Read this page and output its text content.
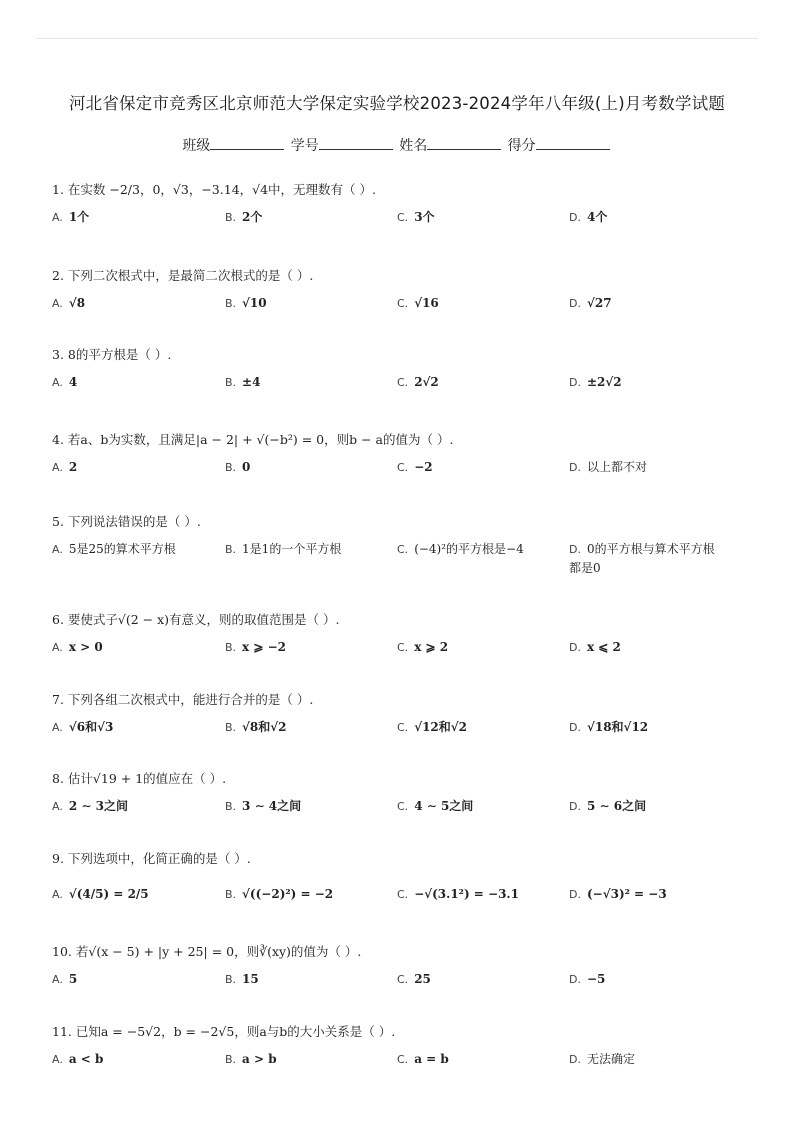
河北省保定市竞秀区北京师范大学保定实验学校2023-2024学年八年级(上)月考数学试题
班级	学号	姓名	得分
1. 在实数 −2/3，0，√3，−3.14，√4中，无理数有（ ）.
A. 1个	B. 2个	C. 3个	D. 4个
2. 下列二次根式中，是最简二次根式的是（ ）.
A. √8	B. √10	C. √16	D. √27
3. 8的平方根是（ ）.
A. 4	B. ±4	C. 2√2	D. ±2√2
4. 若a、b为实数，且满足|a − 2| + √(−b²) = 0，则b − a的值为（ ）.
A. 2	B. 0	C. −2	D. 以上都不对
5. 下列说法错误的是（ ）.
A. 5是25的算术平方根	B. 1是1的一个平方根	C. (−4)²的平方根是−4	D. 0的平方根与算术平方根都是0
6. 要使式子√(2 − x)有意义，则的取值范围是（ ）.
A. x > 0	B. x ⩾ −2	C. x ⩾ 2	D. x ⩽ 2
7. 下列各组二次根式中，能进行合并的是（ ）.
A. √6和√3	B. √8和√2	C. √12和√2	D. √18和√12
8. 估计√19 + 1的值应在（ ）.
A. 2 ∼ 3之间	B. 3 ∼ 4之间	C. 4 ∼ 5之间	D. 5 ∼ 6之间
9. 下列选项中，化简正确的是（ ）.
A. √(4/5) = 2/5	B. √((−2)²) = −2	C. −√(3.1²) = −3.1	D. (−√3)² = −3
10. 若√(x − 5) + |y + 25| = 0，则∛(xy)的值为（ ）.
A. 5	B. 15	C. 25	D. −5
11. 已知a = −5√2，b = −2√5，则a与b的大小关系是（ ）.
A. a < b	B. a > b	C. a = b	D. 无法确定
